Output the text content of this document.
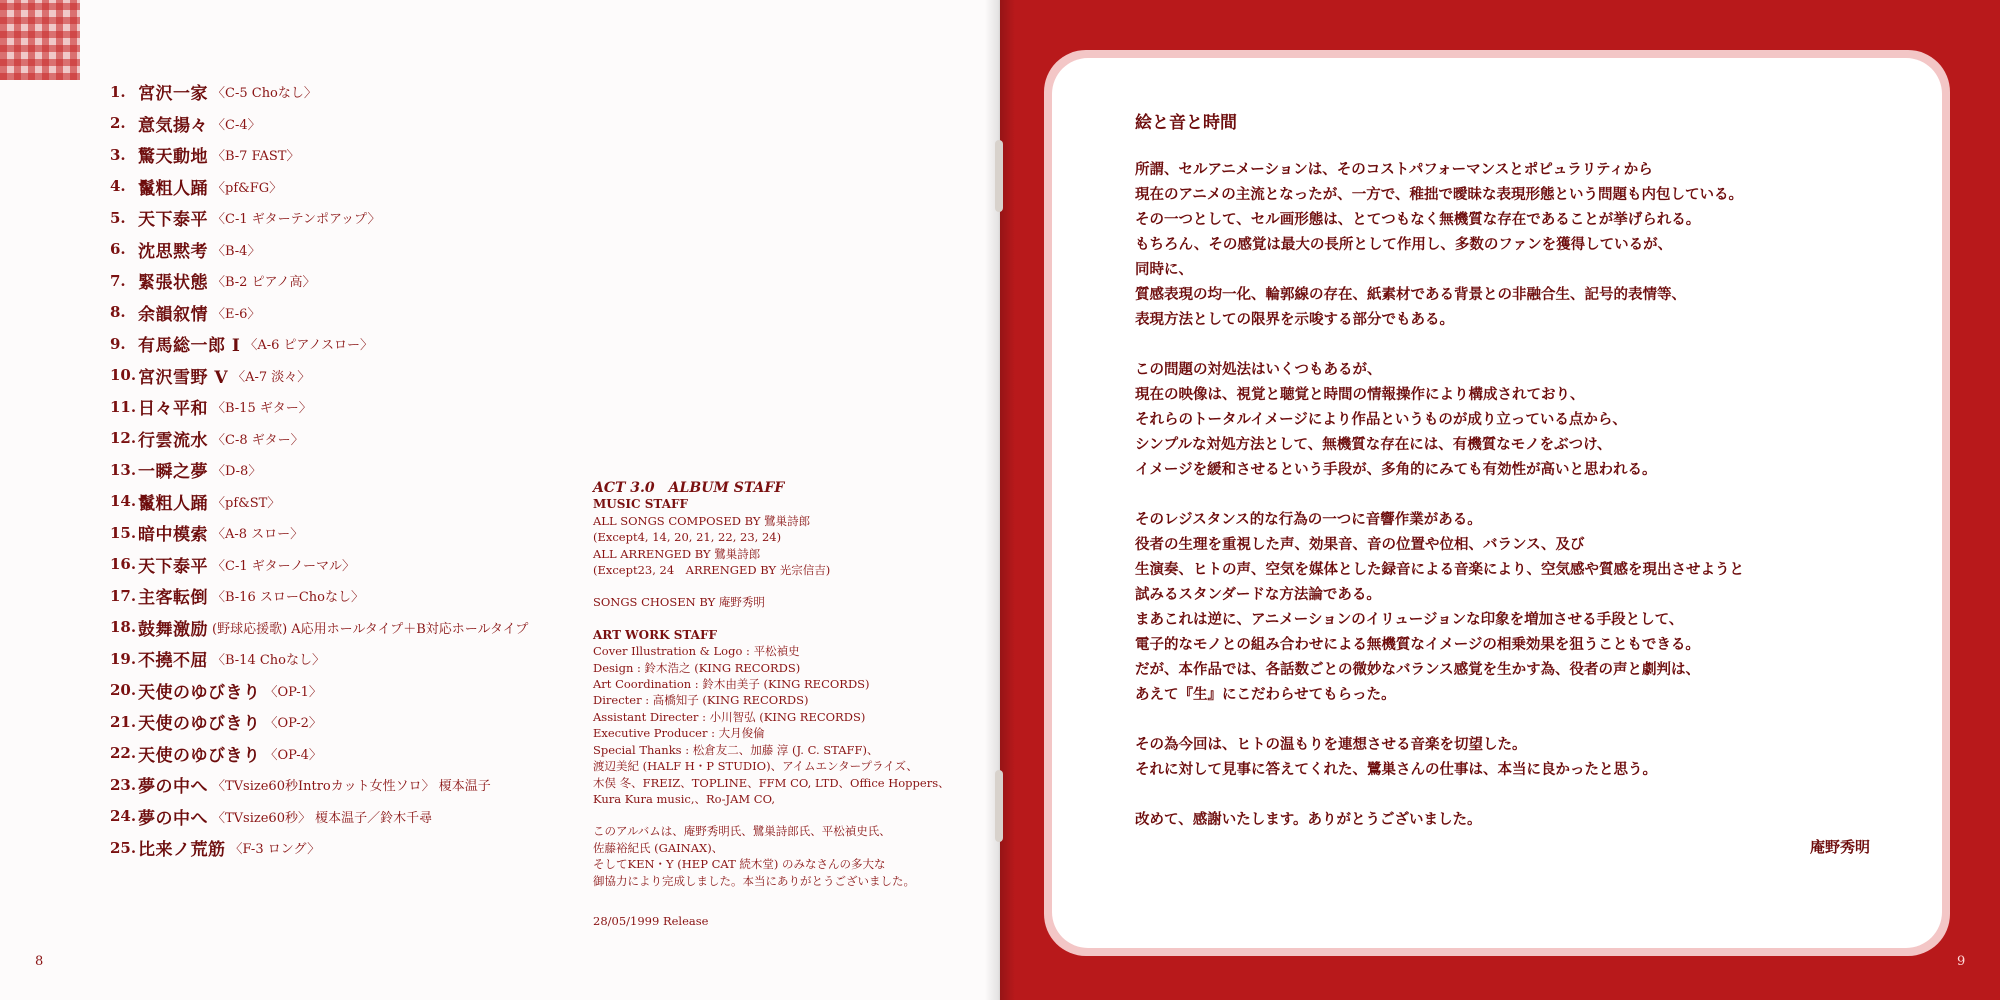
1. 宮沢一家 〈C-5 Choなし〉
2. 意気揚々 〈C-4〉
3. 驚天動地 〈B-7 FAST〉
4. 鬣粗人踊 〈pf&FG〉
5. 天下泰平 〈C-1 ギターテンポアップ〉
6. 沈思黙考 〈B-4〉
7. 緊張状態 〈B-2 ピアノ高〉
8. 余韻叙情 〈E-6〉
9. 有馬総一郎 I 〈A-6 ピアノスロー〉
10. 宮沢雪野 V 〈A-7 淡々〉
11. 日々平和 〈B-15 ギター〉
12. 行雲流水 〈C-8 ギター〉
13. 一瞬之夢 〈D-8〉
14. 鬣粗人踊 〈pf&ST〉
15. 暗中模索 〈A-8 スロー〉
16. 天下泰平 〈C-1 ギターノーマル〉
17. 主客転倒 〈B-16 スローChoなし〉
18. 鼓舞激励 (野球応援歌) A応用ホールタイプ＋B対応ホールタイプ
19. 不撓不屈 〈B-14 Choなし〉
20. 天使のゆびきり 〈OP-1〉
21. 天使のゆびきり 〈OP-2〉
22. 天使のゆびきり 〈OP-4〉
23. 夢の中へ 〈TVsize60秒Introカット女性ソロ〉 榎本温子
24. 夢の中へ 〈TVsize60秒〉 榎本温子／鈴木千尋
25. 比来ノ荒筋 〈F-3 ロング〉
ACT 3.0　ALBUM STAFF
MUSIC STAFF
ALL SONGS COMPOSED BY 鷺巣詩郎
(Except4, 14, 20, 21, 22, 23, 24)
ALL ARRENGED BY 鷺巣詩郎
(Except23, 24　ARRENGED BY 光宗信吉)
SONGS CHOSEN BY 庵野秀明
ART WORK STAFF
Cover Illustration & Logo : 平松禎史
Design : 鈴木浩之 (KING RECORDS)
Art Coordination : 鈴木由美子 (KING RECORDS)
Directer : 高橋知子 (KING RECORDS)
Assistant Directer : 小川智弘 (KING RECORDS)
Executive Producer : 大月俊倫
Special Thanks : 松倉友二、加藤 淳 (J. C. STAFF)、
渡辺美紀 (HALF H・P STUDIO)、アイムエンタープライズ、
木俣 冬、FREIZ、TOPLINE、FFM CO, LTD、Office Hoppers、
Kura Kura music,、Ro-JAM CO,
このアルバムは、庵野秀明氏、鷺巣詩郎氏、平松禎史氏、
佐藤裕紀氏 (GAINAX)、
そしてKEN・Y (HEP CAT 続木堂) のみなさんの多大な
御協力により完成しました。本当にありがとうございました。
28/05/1999 Release
8
絵と音と時間
所謂、セルアニメーションは、そのコストパフォーマンスとポピュラリティから
現在のアニメの主流となったが、一方で、稚拙で曖昧な表現形態という問題も内包している。
その一つとして、セル画形態は、とてつもなく無機質な存在であることが挙げられる。
もちろん、その感覚は最大の長所として作用し、多数のファンを獲得しているが、
同時に、
質感表現の均一化、輪郭線の存在、紙素材である背景との非融合生、記号的表情等、
表現方法としての限界を示唆する部分でもある。
この問題の対処法はいくつもあるが、
現在の映像は、視覚と聴覚と時間の情報操作により構成されており、
それらのトータルイメージにより作品というものが成り立っている点から、
シンプルな対処方法として、無機質な存在には、有機質なモノをぶつけ、
イメージを緩和させるという手段が、多角的にみても有効性が高いと思われる。
そのレジスタンス的な行為の一つに音響作業がある。
役者の生理を重視した声、効果音、音の位置や位相、バランス、及び
生演奏、ヒトの声、空気を媒体とした録音による音楽により、空気感や質感を現出させようと
試みるスタンダードな方法論である。
まあこれは逆に、アニメーションのイリュージョンな印象を増加させる手段として、
電子的なモノとの組み合わせによる無機質なイメージの相乗効果を狙うこともできる。
だが、本作品では、各話数ごとの微妙なバランス感覚を生かす為、役者の声と劇判は、
あえて『生』にこだわらせてもらった。
その為今回は、ヒトの温もりを連想させる音楽を切望した。
それに対して見事に答えてくれた、鷺巣さんの仕事は、本当に良かったと思う。
改めて、感謝いたします。ありがとうございました。
庵野秀明
9
